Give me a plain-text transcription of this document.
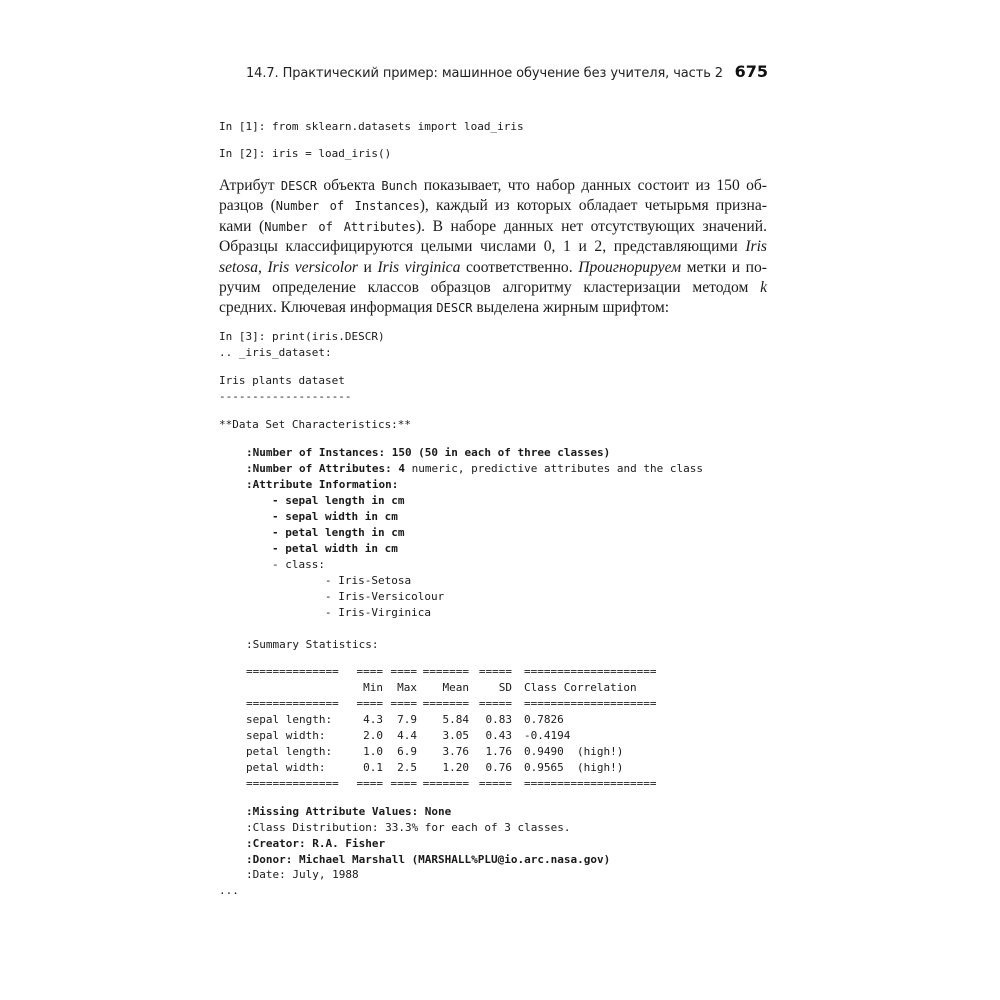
14.7. Практический пример: машинное обучение без учителя, часть 2 675
In [1]: from sklearn.datasets import load_iris
In [2]: iris = load_iris()
Атрибут DESCR объекта Bunch показывает, что набор данных состоит из 150 об-
разцов (Number of Instances), каждый из которых обладает четырьмя призна-
ками (Number of Attributes). В наборе данных нет отсутствующих значений.
Образцы классифицируются целыми числами 0, 1 и 2, представляющими Iris
setosa, Iris versicolor и Iris virginica соответственно. Проигнорируем метки и по-
ручим определение классов образцов алгоритму кластеризации методом k
средних. Ключевая информация DESCR выделена жирным шрифтом:
In [3]: print(iris.DESCR)
.. _iris_dataset:
Iris plants dataset
--------------------
**Data Set Characteristics:**
:Number of Instances: 150 (50 in each of three classes)
:Number of Attributes: 4 numeric, predictive attributes and the class
:Attribute Information:
- sepal length in cm
- sepal width in cm
- petal length in cm
- petal width in cm
- class:
- Iris-Setosa
- Iris-Versicolour
- Iris-Virginica
:Summary Statistics:
==============	====	====	=======	=====	====================
	Min	Max	Mean	SD	Class Correlation
==============	====	====	=======	=====	====================
sepal length:	4.3	7.9	5.84	0.83	0.7826
sepal width:	2.0	4.4	3.05	0.43	-0.4194
petal length:	1.0	6.9	3.76	1.76	0.9490  (high!)
petal width:	0.1	2.5	1.20	0.76	0.9565  (high!)
==============	====	====	=======	=====	====================
:Missing Attribute Values: None
:Class Distribution: 33.3% for each of 3 classes.
:Creator: R.A. Fisher
:Donor: Michael Marshall (MARSHALL%PLU@io.arc.nasa.gov)
:Date: July, 1988
...
